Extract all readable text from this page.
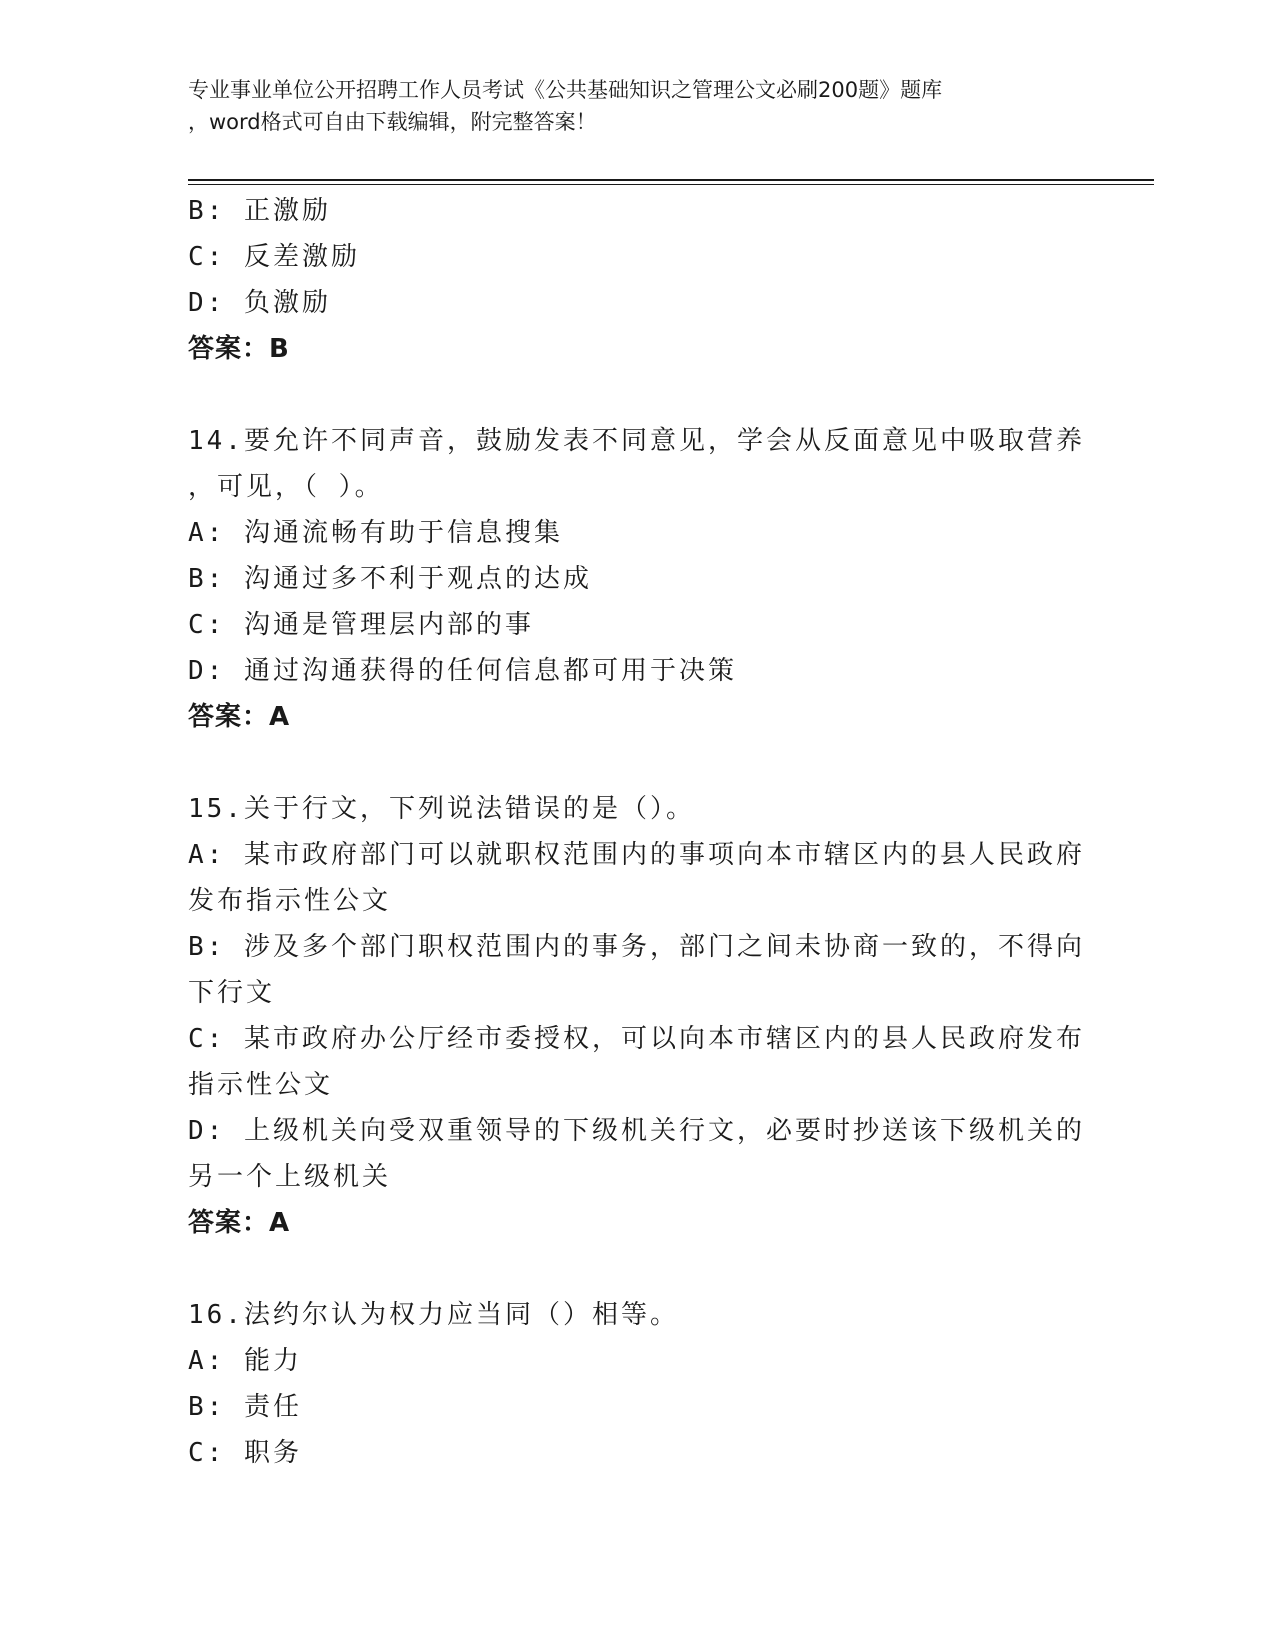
专业事业单位公开招聘工作人员考试《公共基础知识之管理公文必刷200题》题库
，word格式可自由下载编辑，附完整答案！
B: 正激励
C: 反差激励
D: 负激励
答案：B
14.要允许不同声音，鼓励发表不同意见，学会从反面意见中吸取营养
，可见，（ ）。
A: 沟通流畅有助于信息搜集
B: 沟通过多不利于观点的达成
C: 沟通是管理层内部的事
D: 通过沟通获得的任何信息都可用于决策
答案：A
15.关于行文，下列说法错误的是（）。
A: 某市政府部门可以就职权范围内的事项向本市辖区内的县人民政府
发布指示性公文
B: 涉及多个部门职权范围内的事务，部门之间未协商一致的，不得向
下行文
C: 某市政府办公厅经市委授权，可以向本市辖区内的县人民政府发布
指示性公文
D: 上级机关向受双重领导的下级机关行文，必要时抄送该下级机关的
另一个上级机关
答案：A
16.法约尔认为权力应当同（）相等。
A: 能力
B: 责任
C: 职务
